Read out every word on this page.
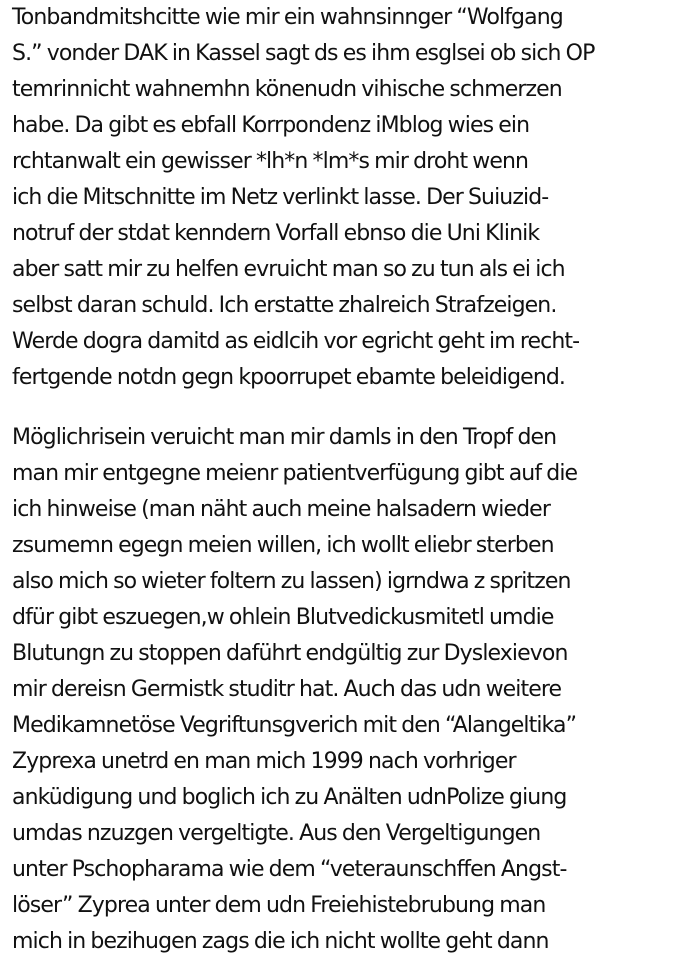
Tonbandmitshcitte wie mir ein wahnsinnger “Wolfgang
S.” vonder DAK in Kassel sagt ds es ihm esglsei ob sich OP
temrinnicht wahnemhn könenudn vihische schmerzen
habe. Da gibt es ebfall Korrpondenz iMblog wies ein
rchtanwalt ein gewisser *lh*n *lm*s mir droht wenn
ich die Mitschnitte im Netz verlinkt lasse. Der Suiuzid-
notruf der stdat kenndern Vorfall ebnso die Uni Klinik
aber satt mir zu helfen evruicht man so zu tun als ei ich
selbst daran schuld. Ich erstatte zhalreich Strafzeigen.
Werde dogra damitd as eidlcih vor egricht geht im recht-
fertgende notdn gegn kpoorrupet ebamte beleidigend.

Möglichrisein veruicht man mir damls in den Tropf den
man mir entgegne meienr patientverfügung gibt auf die
ich hinweise (man näht auch meine halsadern wieder
zsumemn egegn meien willen, ich wollt eliebr sterben
also mich so wieter foltern zu lassen) igrndwa z spritzen
dfür gibt eszuegen,w ohlein Blutvedickusmitetl umdie
Blutungn zu stoppen daführt endgültig zur Dyslexievon
mir dereisn Germistk studitr hat. Auch das udn weitere
Medikamnetöse Vegriftunsgverich mit den “Alangeltika”
Zyprexa unetrd en man mich 1999 nach vorhriger
anküdigung und boglich ich zu Anälten udnPolize giung
umdas nzuzgen vergeltigte. Aus den Vergeltigungen
unter Pschopharama wie dem “veteraunschffen Angst-
löser” Zyprea unter dem udn Freiehistebrubung man
mich in bezihugen zags die ich nicht wollte geht dann
